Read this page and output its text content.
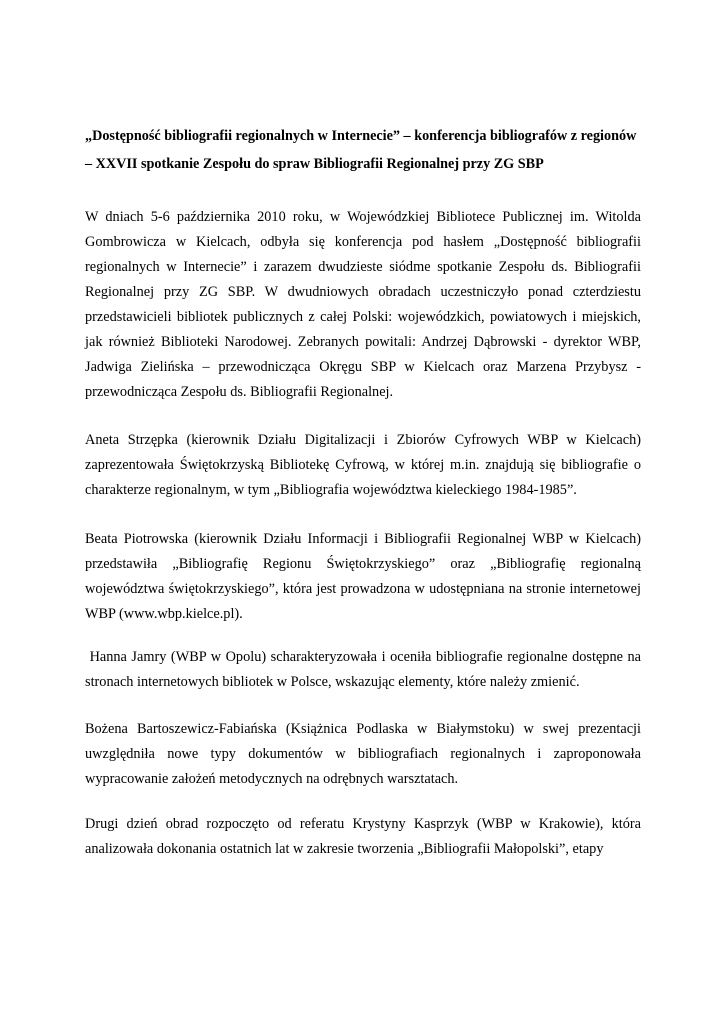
„Dostępność bibliografii regionalnych w Internecie” – konferencja bibliografów z regionów – XXVII spotkanie Zespołu do spraw Bibliografii Regionalnej przy ZG SBP

W dniach 5-6 października 2010 roku, w Wojewódzkiej Bibliotece Publicznej im. Witolda Gombrowicza w Kielcach, odbyła się konferencja pod hasłem „Dostępność bibliografii regionalnych w Internecie” i zarazem dwudzieste siódme spotkanie Zespołu ds. Bibliografii Regionalnej przy ZG SBP. W dwudniowych obradach uczestniczyło ponad czterdziestu przedstawicieli bibliotek publicznych z całej Polski: wojewódzkich, powiatowych i miejskich, jak również Biblioteki Narodowej. Zebranych powitali: Andrzej Dąbrowski - dyrektor WBP, Jadwiga Zielińska – przewodnicząca Okręgu SBP w Kielcach oraz Marzena Przybysz - przewodnicząca Zespołu ds. Bibliografii Regionalnej.

Aneta Strzępka (kierownik Działu Digitalizacji i Zbiorów Cyfrowych WBP w Kielcach) zaprezentowała Świętokrzyską Bibliotekę Cyfrową, w której m.in. znajdują się bibliografie o charakterze regionalnym, w tym „Bibliografia województwa kieleckiego 1984-1985”.

Beata Piotrowska (kierownik Działu Informacji i Bibliografii Regionalnej WBP w Kielcach) przedstawiła „Bibliografię Regionu Świętokrzyskiego” oraz „Bibliografię regionalną województwa świętokrzyskiego”, która jest prowadzona w udostępniana na stronie internetowej WBP (www.wbp.kielce.pl).

Hanna Jamry (WBP w Opolu) scharakteryzowała i oceniła bibliografie regionalne dostępne na stronach internetowych bibliotek w Polsce, wskazując elementy, które należy zmienić.

Bożena Bartoszewicz-Fabiańska (Książnica Podlaska w Białymstoku) w swej prezentacji uwzględniła nowe typy dokumentów w bibliografiach regionalnych i zaproponowała wypracowanie założeń metodycznych na odrębnych warsztatach.

Drugi dzień obrad rozpoczęto od referatu Krystyny Kasprzyk (WBP w Krakowie), która analizowała dokonania ostatnich lat w zakresie tworzenia „Bibliografii Małopolski”, etapy
